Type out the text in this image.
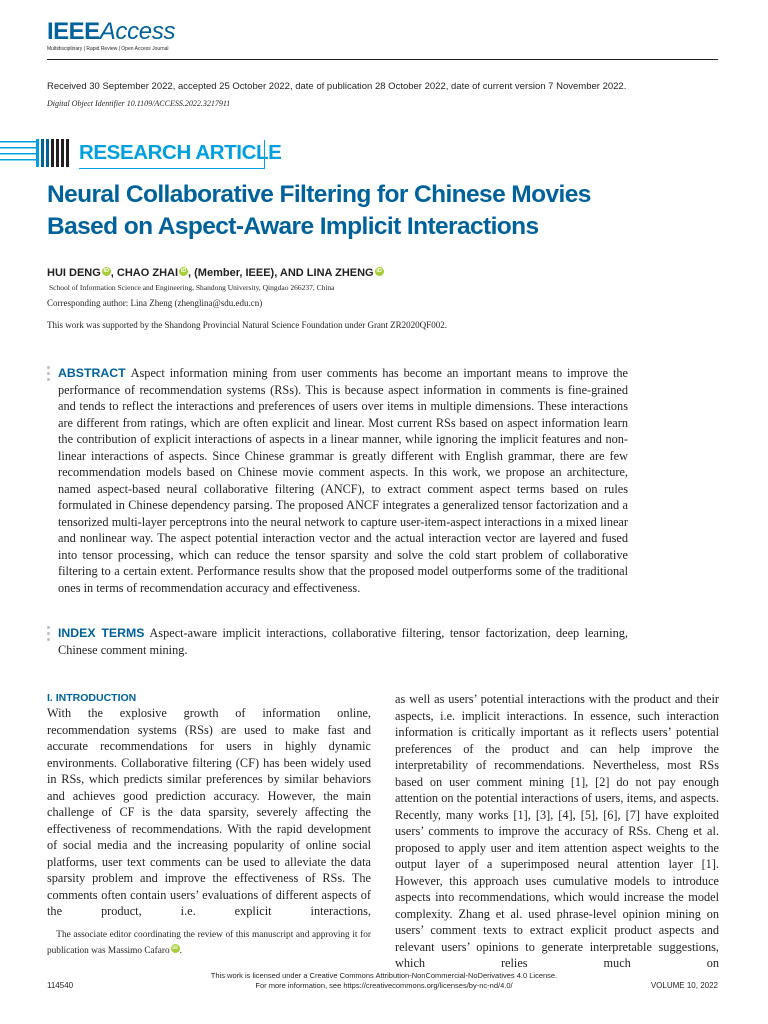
IEEEAccess
Multidisciplinary | Rapid Review | Open Access Journal
Received 30 September 2022, accepted 25 October 2022, date of publication 28 October 2022, date of current version 7 November 2022.
Digital Object Identifier 10.1109/ACCESS.2022.3217911
RESEARCH ARTICLE
Neural Collaborative Filtering for Chinese Movies
Based on Aspect-Aware Implicit Interactions
HUI DENG iD , CHAO ZHAI iD , (Member, IEEE), AND LINA ZHENG iD
School of Information Science and Engineering, Shandong University, Qingdao 266237, China
Corresponding author: Lina Zheng (zhenglina@sdu.edu.cn)
This work was supported by the Shandong Provincial Natural Science Foundation under Grant ZR2020QF002.
ABSTRACT Aspect information mining from user comments has become an important means to improve the performance of recommendation systems (RSs). This is because aspect information in comments is fine-grained and tends to reflect the interactions and preferences of users over items in multiple dimensions. These interactions are different from ratings, which are often explicit and linear. Most current RSs based on aspect information learn the contribution of explicit interactions of aspects in a linear manner, while ignoring the implicit features and non-linear interactions of aspects. Since Chinese grammar is greatly different with English grammar, there are few recommendation models based on Chinese movie comment aspects. In this work, we propose an architecture, named aspect-based neural collaborative filtering (ANCF), to extract comment aspect terms based on rules formulated in Chinese dependency parsing. The proposed ANCF integrates a generalized tensor factorization and a tensorized multi-layer perceptrons into the neural network to capture user-item-aspect interactions in a mixed linear and nonlinear way. The aspect potential interaction vector and the actual interaction vector are layered and fused into tensor processing, which can reduce the tensor sparsity and solve the cold start problem of collaborative filtering to a certain extent. Performance results show that the proposed model outperforms some of the traditional ones in terms of recommendation accuracy and effectiveness.
INDEX TERMS Aspect-aware implicit interactions, collaborative filtering, tensor factorization, deep learning, Chinese comment mining.
I. INTRODUCTION

With the explosive growth of information online, recommendation systems (RSs) are used to make fast and accurate recommendations for users in highly dynamic environments. Collaborative filtering (CF) has been widely used in RSs, which predicts similar preferences by similar behaviors and achieves good prediction accuracy. However, the main challenge of CF is the data sparsity, severely affecting the effectiveness of recommendations. With the rapid development of social media and the increasing popularity of online social platforms, user text comments can be used to alleviate the data sparsity problem and improve the effectiveness of RSs. The comments often contain users’ evaluations of different aspects of the product, i.e. explicit interactions,

as well as users’ potential interactions with the product and their aspects, i.e. implicit interactions. In essence, such interaction information is critically important as it reflects users’ potential preferences of the product and can help improve the interpretability of recommendations. Nevertheless, most RSs based on user comment mining [1], [2] do not pay enough attention on the potential interactions of users, items, and aspects. Recently, many works [1], [3], [4], [5], [6], [7] have exploited users’ comments to improve the accuracy of RSs. Cheng et al. proposed to apply user and item attention aspect weights to the output layer of a superimposed neural attention layer [1]. However, this approach uses cumulative models to introduce aspects into recommendations, which would increase the model complexity. Zhang et al. used phrase-level opinion mining on users’ comment texts to extract explicit product aspects and relevant users’ opinions to generate interpretable suggestions, which relies much on

 The associate editor coordinating the review of this manuscript and approving it for publication was Massimo Cafaro iD .
This work is licensed under a Creative Commons Attribution-NonCommercial-NoDerivatives 4.0 License.
For more information, see https://creativecommons.org/licenses/by-nc-nd/4.0/
114540	VOLUME 10, 2022
